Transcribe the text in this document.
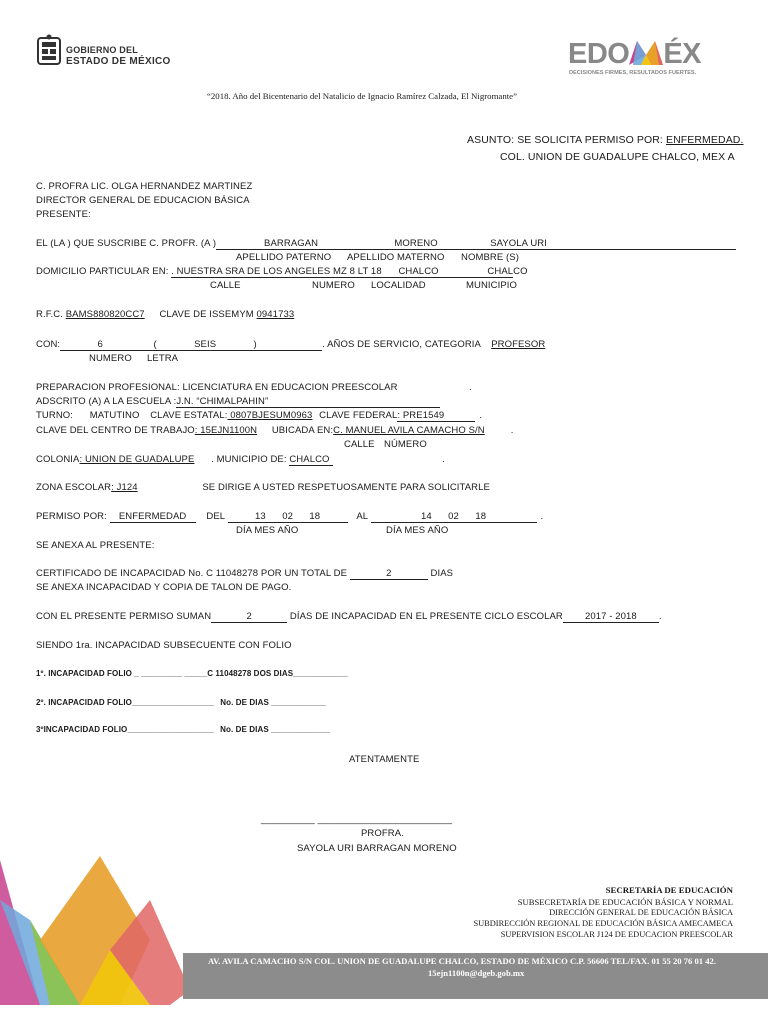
GOBIERNO DEL
ESTADO DE MÉXICO	EDO ÉX
DECISIONES FIRMES, RESULTADOS FUERTES.
“2018. Año del Bicentenario del Natalicio de Ignacio Ramírez Calzada, El Nigromante”
ASUNTO: SE SOLICITA PERMISO POR: ENFERMEDAD.
COL. UNION DE GUADALUPE CHALCO, MEX A
C. PROFRA LIC. OLGA HERNANDEZ MARTINEZ
DIRECTOR GENERAL DE EDUCACION BÁSICA
PRESENTE:
EL (LA ) QUE SUSCRIBE C. PROFR. (A )	BARRAGAN	MORENO	SAYOLA URI
APELLIDO PATERNO APELLIDO MATERNO NOMBRE (S)
DOMICILIO PARTICULAR EN: . NUESTRA SRA DE LOS ANGELES MZ 8 LT 18 CHALCO	CHALCO
CALLE	NUMERO LOCALIDAD	MUNICIPIO
R.F.C. BAMS880820CC7 CLAVE DE ISSEMYM 0941733
CON:	6	(	SEIS	)	. AÑOS DE SERVICIO, CATEGORIA PROFESOR
NUMERO LETRA
PREPARACION PROFESIONAL: LICENCIATURA EN EDUCACION PREESCOLAR	.
ADSCRITO (A) A LA ESCUELA :J.N. “CHIMALPAHIN”
TURNO: MATUTINO CLAVE ESTATAL: 0807BJESUM0963 CLAVE FEDERAL: PRE1549	.
CLAVE DEL CENTRO DE TRABAJO: 15EJN1100N UBICADA EN:C. MANUEL AVILA CAMACHO S/N	.
CALLE NÚMERO
COLONIA: UNION DE GUADALUPE . MUNICIPIO DE: CHALCO	.
ZONA ESCOLAR: J124	SE DIRIGE A USTED RESPETUOSAMENTE PARA SOLICITARLE
PERMISO POR: ENFERMEDAD DEL	13 02 18	AL	14 02 18	.
DÍA MES AÑO	DÍA MES AÑO
SE ANEXA AL PRESENTE:
CERTIFICADO DE INCAPACIDAD No. C 11048278 POR UN TOTAL DE	2	DIAS
SE ANEXA INCAPACIDAD Y COPIA DE TALON DE PAGO.
CON EL PRESENTE PERMISO SUMAN	2	DÍAS DE INCAPACIDAD EN EL PRESENTE CICLO ESCOLAR 2017 - 2018 .
SIENDO 1ra. INCAPACIDAD SUBSECUENTE CON FOLIO
1º. INCAPACIDAD FOLIO _ _________ _____C 11048278 DOS DIAS____________
2º. INCAPACIDAD FOLIO__________________ No. DE DIAS ____________
3ºINCAPACIDAD FOLIO___________________ No. DE DIAS _____________
ATENTAMENTE
__________ _________________________
PROFRA.
SAYOLA URI BARRAGAN MORENO
SECRETARÍA DE EDUCACIÓN
SUBSECRETARÍA DE EDUCACIÓN BÁSICA Y NORMAL
DIRECCIÓN GENERAL DE EDUCACIÓN BÁSICA
SUBDIRECCIÓN REGIONAL DE EDUCACIÓN BÁSICA AMECAMECA
SUPERVISION ESCOLAR J124 DE EDUCACION PREESCOLAR
AV. AVILA CAMACHO S/N COL. UNION DE GUADALUPE CHALCO, ESTADO DE MÉXICO C.P. 56606 TEL/FAX. 01 55 20 76 01 42.
15ejn1100n@dgeb.gob.mx
